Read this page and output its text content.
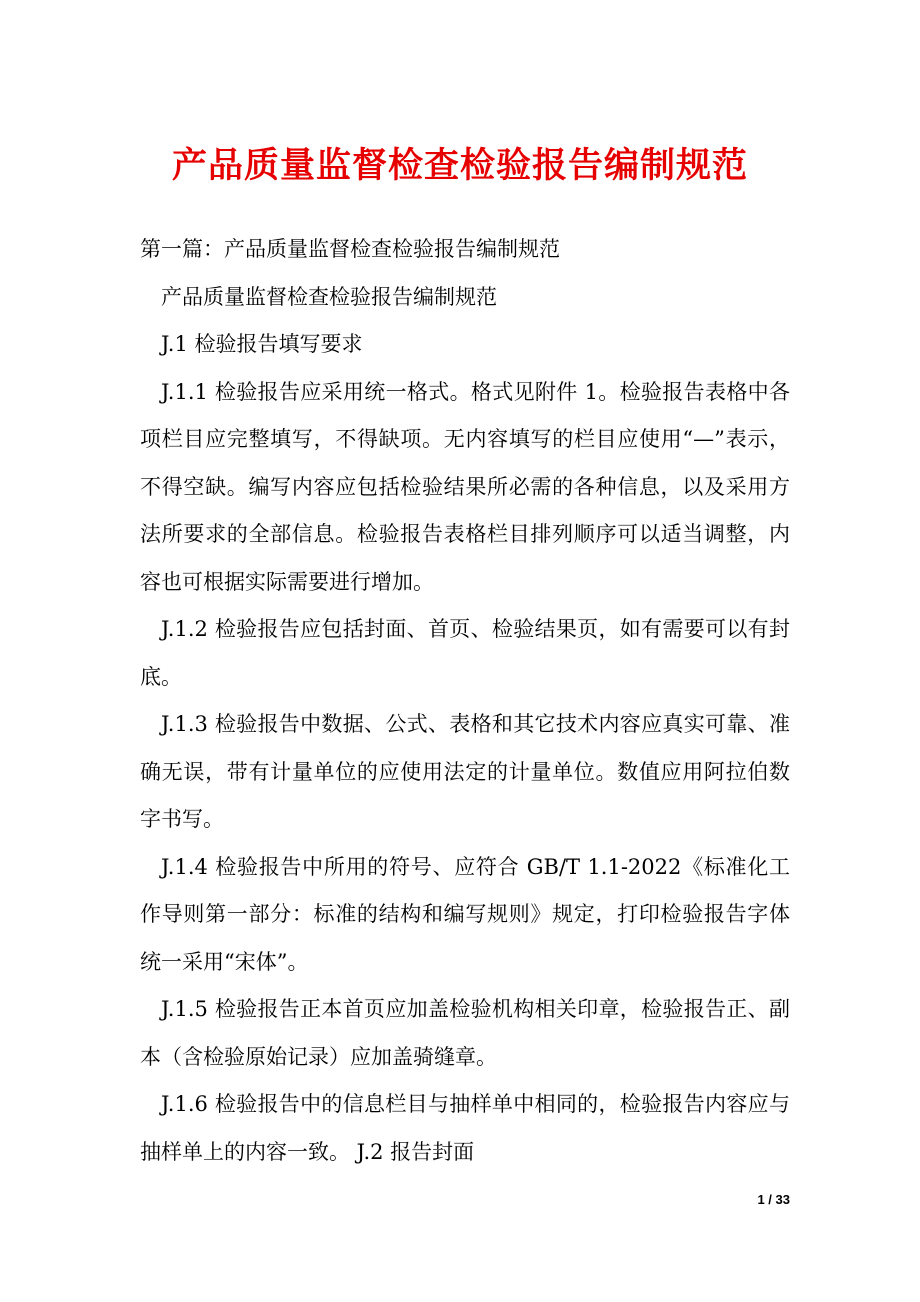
产品质量监督检查检验报告编制规范

第一篇：产品质量监督检查检验报告编制规范

产品质量监督检查检验报告编制规范

J.1 检验报告填写要求

J.1.1 检验报告应采用统一格式。格式见附件 1。检验报告表格中各项栏目应完整填写，不得缺项。无内容填写的栏目应使用“—”表示，不得空缺。编写内容应包括检验结果所必需的各种信息，以及采用方法所要求的全部信息。检验报告表格栏目排列顺序可以适当调整，内容也可根据实际需要进行增加。

J.1.2 检验报告应包括封面、首页、检验结果页，如有需要可以有封底。

J.1.3 检验报告中数据、公式、表格和其它技术内容应真实可靠、准确无误，带有计量单位的应使用法定的计量单位。数值应用阿拉伯数字书写。

J.1.4 检验报告中所用的符号、应符合 GB/T 1.1-2022《标准化工作导则第一部分：标准的结构和编写规则》规定，打印检验报告字体统一采用“宋体”。

J.1.5 检验报告正本首页应加盖检验机构相关印章，检验报告正、副本（含检验原始记录）应加盖骑缝章。

J.1.6 检验报告中的信息栏目与抽样单中相同的，检验报告内容应与抽样单上的内容一致。 J.2 报告封面

1 / 33
